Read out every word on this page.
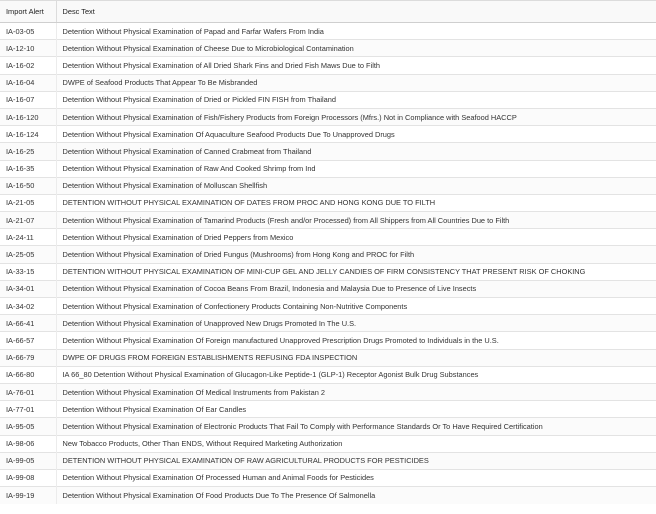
Import Alert	Desc Text
IA-03-05	Detention Without Physical Examination of Papad and Farfar Wafers From India
IA-12-10	Detention Without Physical Examination of Cheese Due to Microbiological Contamination
IA-16-02	Detention Without Physical Examination of All Dried Shark Fins and Dried Fish Maws Due to Filth
IA-16-04	DWPE of Seafood Products That Appear To Be Misbranded
IA-16-07	Detention Without Physical Examination of Dried or Pickled FIN FISH from Thailand
IA-16-120	Detention Without Physical Examination of Fish/Fishery Products from Foreign Processors (Mfrs.) Not in Compliance with Seafood HACCP
IA-16-124	Detention Without Physical Examination Of Aquaculture Seafood Products Due To Unapproved Drugs
IA-16-25	Detention Without Physical Examination of Canned Crabmeat from Thailand
IA-16-35	Detention Without Physical Examination of Raw And Cooked Shrimp from Ind
IA-16-50	Detention Without Physical Examination of Molluscan Shellfish
IA-21-05	DETENTION WITHOUT PHYSICAL EXAMINATION OF DATES FROM PROC AND HONG KONG DUE TO FILTH
IA-21-07	Detention Without Physical Examination of Tamarind Products (Fresh and/or Processed) from All Shippers from All Countries Due to Filth
IA-24-11	Detention Without Physical Examination of Dried Peppers from Mexico
IA-25-05	Detention Without Physical Examination of Dried Fungus (Mushrooms) from Hong Kong and PROC for Filth
IA-33-15	DETENTION WITHOUT PHYSICAL EXAMINATION OF MINI-CUP GEL AND JELLY CANDIES OF FIRM CONSISTENCY THAT PRESENT RISK OF CHOKING
IA-34-01	Detention Without Physical Examination of Cocoa Beans From Brazil, Indonesia and Malaysia Due to Presence of Live Insects
IA-34-02	Detention Without Physical Examination of Confectionery Products Containing Non-Nutritive Components
IA-66-41	Detention Without Physical Examination of Unapproved New Drugs Promoted In The U.S.
IA-66-57	Detention Without Physical Examination Of Foreign manufactured Unapproved Prescription Drugs Promoted to Individuals in the U.S.
IA-66-79	DWPE OF DRUGS FROM FOREIGN ESTABLISHMENTS REFUSING FDA INSPECTION
IA-66-80	IA 66_80 Detention Without Physical Examination of Glucagon-Like Peptide-1 (GLP-1) Receptor Agonist Bulk Drug Substances
IA-76-01	Detention Without Physical Examination Of Medical Instruments from Pakistan 2
IA-77-01	Detention Without Physical Examination Of Ear Candles
IA-95-05	Detention Without Physical Examination of Electronic Products That Fail To Comply with Performance Standards Or To Have Required Certification
IA-98-06	New Tobacco Products, Other Than ENDS, Without Required Marketing Authorization
IA-99-05	DETENTION WITHOUT PHYSICAL EXAMINATION OF RAW AGRICULTURAL PRODUCTS FOR PESTICIDES
IA-99-08	Detention Without Physical Examination Of Processed Human and Animal Foods for Pesticides
IA-99-19	Detention Without Physical Examination Of Food Products Due To The Presence Of Salmonella
